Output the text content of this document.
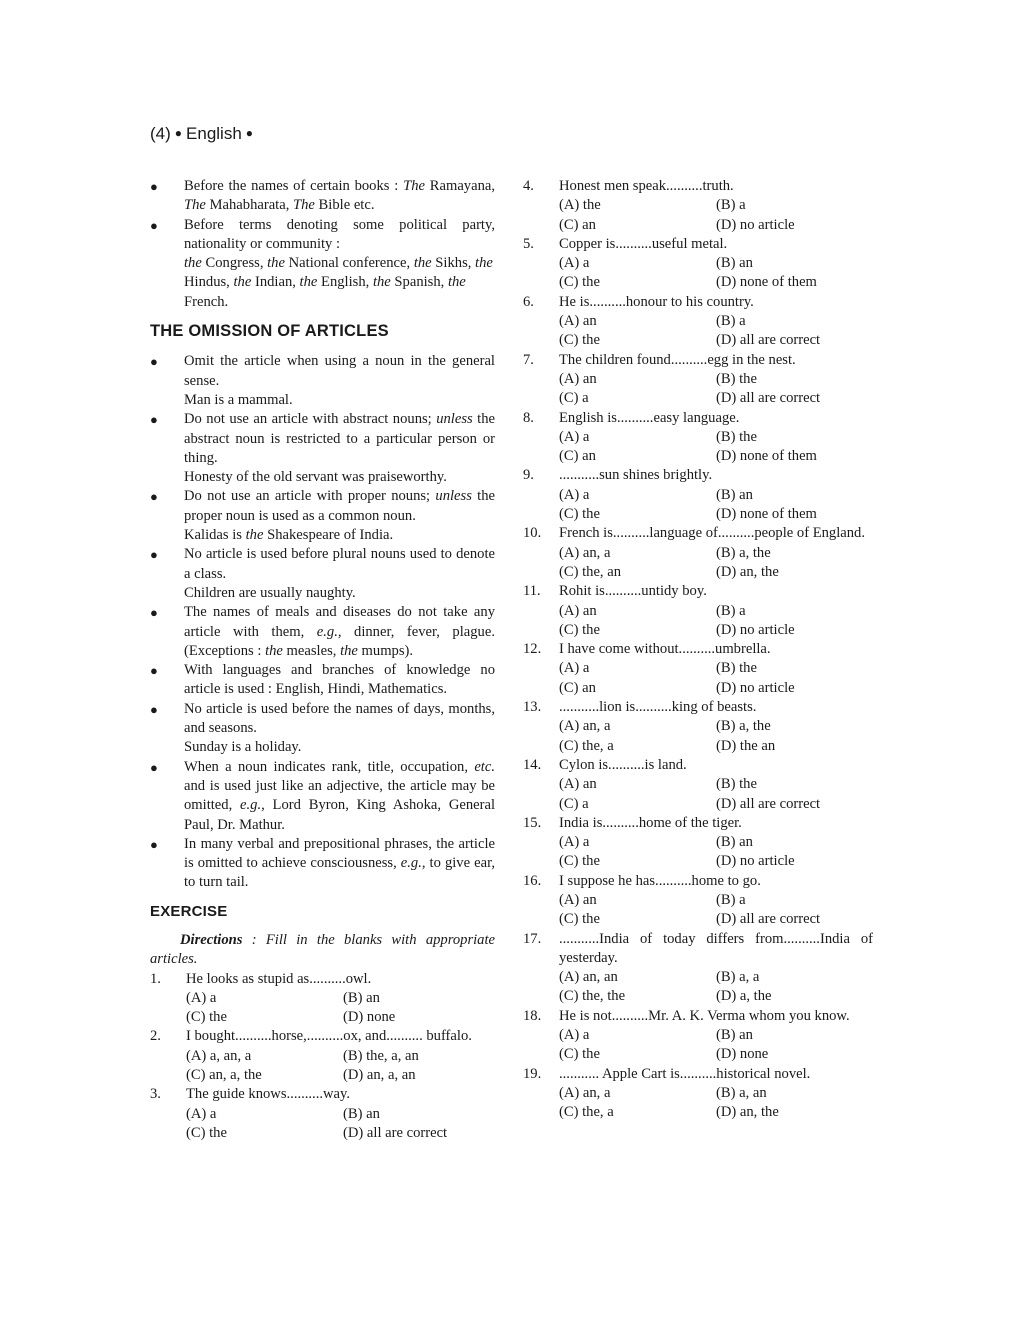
(4) ● English ●
● Before the names of certain books : The Ramayana, The Mahabharata, The Bible etc.
● Before terms denoting some political party, nationality or community :
the Congress, the National conference, the Sikhs, the Hindus, the Indian, the English, the Spanish, the French.
THE OMISSION OF ARTICLES
● Omit the article when using a noun in the general sense.
Man is a mammal.
● Do not use an article with abstract nouns; unless the abstract noun is restricted to a particular person or thing.
Honesty of the old servant was praiseworthy.
● Do not use an article with proper nouns; unless the proper noun is used as a common noun.
Kalidas is the Shakespeare of India.
● No article is used before plural nouns used to denote a class.
Children are usually naughty.
● The names of meals and diseases do not take any article with them, e.g., dinner, fever, plague. (Exceptions : the measles, the mumps).
● With languages and branches of knowledge no article is used : English, Hindi, Mathematics.
● No article is used before the names of days, months, and seasons.
Sunday is a holiday.
● When a noun indicates rank, title, occupation, etc. and is used just like an adjective, the article may be omitted, e.g., Lord Byron, King Ashoka, General Paul, Dr. Mathur.
● In many verbal and prepositional phrases, the article is omitted to achieve consciousness, e.g., to give ear, to turn tail.
EXERCISE
Directions : Fill in the blanks with appropriate articles.
1. He looks as stupid as..........owl.
(A) a	(B) an
(C) the	(D) none
2. I bought..........horse,..........ox, and.......... buffalo.
(A) a, an, a	(B) the, a, an
(C) an, a, the	(D) an, a, an
3. The guide knows..........way.
(A) a	(B) an
(C) the	(D) all are correct
4. Honest men speak..........truth.
(A) the	(B) a
(C) an	(D) no article
5. Copper is..........useful metal.
(A) a	(B) an
(C) the	(D) none of them
6. He is..........honour to his country.
(A) an	(B) a
(C) the	(D) all are correct
7. The children found..........egg in the nest.
(A) an	(B) the
(C) a	(D) all are correct
8. English is..........easy language.
(A) a	(B) the
(C) an	(D) none of them
9. ...........sun shines brightly.
(A) a	(B) an
(C) the	(D) none of them
10. French is..........language of..........people of England.
(A) an, a	(B) a, the
(C) the, an	(D) an, the
11. Rohit is..........untidy boy.
(A) an	(B) a
(C) the	(D) no article
12. I have come without..........umbrella.
(A) a	(B) the
(C) an	(D) no article
13. ...........lion is..........king of beasts.
(A) an, a	(B) a, the
(C) the, a	(D) the an
14. Cylon is..........is land.
(A) an	(B) the
(C) a	(D) all are correct
15. India is..........home of the tiger.
(A) a	(B) an
(C) the	(D) no article
16. I suppose he has..........home to go.
(A) an	(B) a
(C) the	(D) all are correct
17. ...........India of today differs from..........India of yesterday.
(A) an, an	(B) a, a
(C) the, the	(D) a, the
18. He is not..........Mr. A. K. Verma whom you know.
(A) a	(B) an
(C) the	(D) none
19. ........... Apple Cart is..........historical novel.
(A) an, a	(B) a, an
(C) the, a	(D) an, the
